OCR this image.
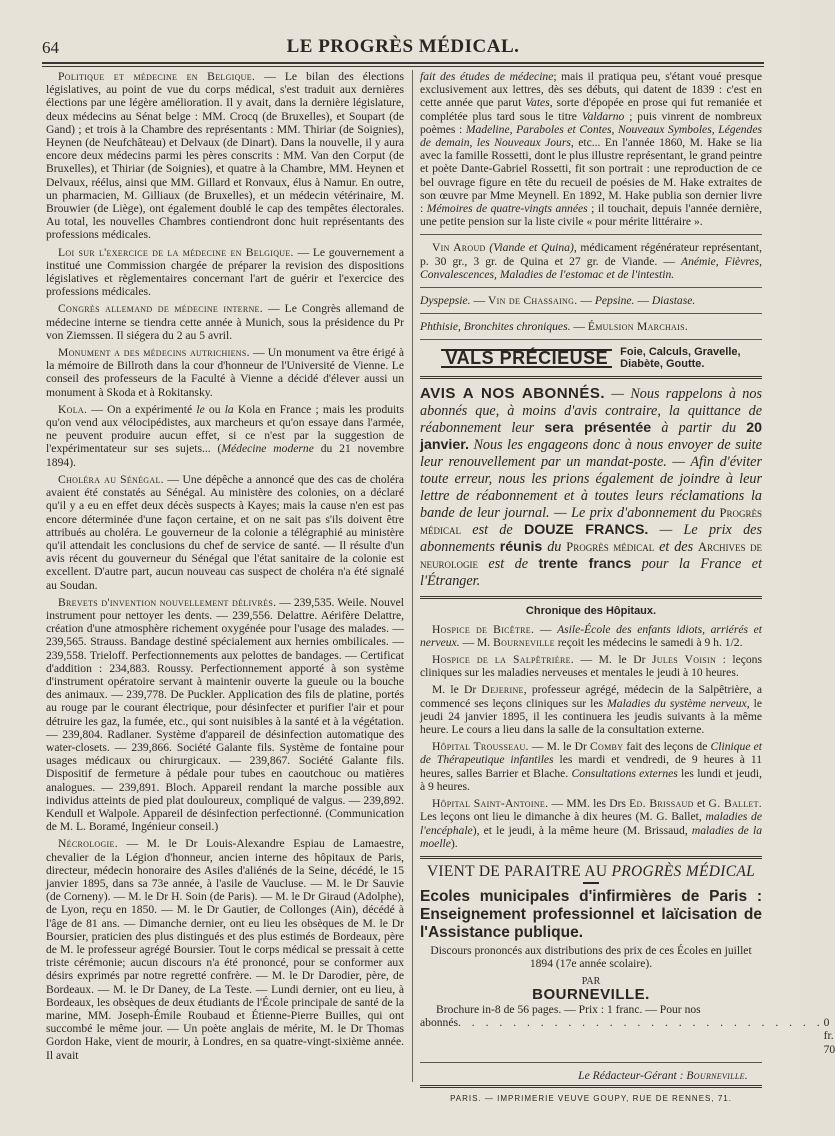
64	LE PROGRÈS MÉDICAL.

Politique et médecine en Belgique. — Le bilan des élections législatives, au point de vue du corps médical, s'est traduit aux dernières élections par une légère amélioration. Il y avait, dans la dernière législature, deux médecins au Sénat belge : MM. Crocq (de Bruxelles), et Soupart (de Gand) ; et trois à la Chambre des représentants : MM. Thiriar (de Soignies), Heynen (de Neufchâteau) et Delvaux (de Dinart). Dans la nouvelle, il y aura encore deux médecins parmi les pères conscrits : MM. Van den Corput (de Bruxelles), et Thiriar (de Soignies), et quatre à la Chambre, MM. Heynen et Delvaux, réélus, ainsi que MM. Gillard et Ronvaux, élus à Namur. En outre, un pharmacien, M. Gilliaux (de Bruxelles), et un médecin vétérinaire, M. Brouwier (de Liège), ont également doublé le cap des tempêtes électorales. Au total, les nouvelles Chambres contiendront donc huit représentants des professions médicales.

Loi sur l'exercice de la médecine en Belgique. — Le gouvernement a institué une Commission chargée de préparer la revision des dispositions législatives et règlementaires concernant l'art de guérir et l'exercice des professions médicales.

Congrès allemand de médecine interne. — Le Congrès allemand de médecine interne se tiendra cette année à Munich, sous la présidence du Pr von Ziemssen. Il siégera du 2 au 5 avril.

Monument a des médecins autrichiens. — Un monument va être érigé à la mémoire de Billroth dans la cour d'honneur de l'Université de Vienne. Le conseil des professeurs de la Faculté à Vienne a décidé d'élever aussi un monument à Skoda et à Rokitansky.

Kola. — On a expérimenté le ou la Kola en France ; mais les produits qu'on vend aux vélocipédistes, aux marcheurs et qu'on essaye dans l'armée, ne peuvent produire aucun effet, si ce n'est par la suggestion de l'expérimentateur sur ses sujets... (Médecine moderne du 21 novembre 1894).

Choléra au Sénégal. — Une dépêche a annoncé que des cas de choléra avaient été constatés au Sénégal. Au ministère des colonies, on a déclaré qu'il y a eu en effet deux décès suspects à Kayes; mais la cause n'en est pas encore déterminée d'une façon certaine, et on ne sait pas s'ils doivent être attribués au choléra. Le gouverneur de la colonie a télégraphié au ministère qu'il attendait les conclusions du chef de service de santé. — Il résulte d'un avis récent du gouverneur du Sénégal que l'état sanitaire de la colonie est excellent. D'autre part, aucun nouveau cas suspect de choléra n'a été signalé au Soudan.

Brevets d'invention nouvellement délivrés. — 239,535. Weile. Nouvel instrument pour nettoyer les dents. — 239,556. Delattre. Aérifère Delattre, création d'une atmosphère richement oxygénée pour l'usage des malades. — 239,565. Strauss. Bandage destiné spécialement aux hernies ombilicales. — 239,558. Trieloff. Perfectionnements aux pelottes de bandages. — Certificat d'addition : 234,883. Roussy. Perfectionnement apporté à son système d'instrument opératoire servant à maintenir ouverte la gueule ou la bouche des animaux. — 239,778. De Puckler. Application des fils de platine, portés au rouge par le courant électrique, pour désinfecter et purifier l'air et pour détruire les gaz, la fumée, etc., qui sont nuisibles à la santé et à la végétation. — 239,804. Radlaner. Système d'appareil de désinfection automatique des water-closets. — 239,866. Société Galante fils. Système de fontaine pour usages médicaux ou chirurgicaux. — 239,867. Société Galante fils. Dispositif de fermeture à pédale pour tubes en caoutchouc ou matières analogues. — 239,891. Bloch. Appareil rendant la marche possible aux individus atteints de pied plat douloureux, compliqué de valgus. — 239,892. Kendull et Walpole. Appareil de désinfection perfectionné. (Communication de M. L. Boramé, Ingénieur conseil.)

Nécrologie. — M. le Dr Louis-Alexandre Espiau de Lamaestre, chevalier de la Légion d'honneur, ancien interne des hôpitaux de Paris, directeur, médecin honoraire des Asiles d'aliénés de la Seine, décédé, le 15 janvier 1895, dans sa 73e année, à l'asile de Vaucluse. — M. le Dr Sauvie (de Corneny). — M. le Dr H. Soin (de Paris). — M. le Dr Giraud (Adolphe), de Lyon, reçu en 1850. — M. le Dr Gautier, de Collonges (Ain), décédé à l'âge de 81 ans. — Dimanche dernier, ont eu lieu les obsèques de M. le Dr Boursier, praticien des plus distingués et des plus estimés de Bordeaux, père de M. le professeur agrégé Boursier. Tout le corps médical se pressait à cette triste cérémonie; aucun discours n'a été prononcé, pour se conformer aux désirs exprimés par notre regretté confrère. — M. le Dr Darodier, père, de Bordeaux. — M. le Dr Daney, de La Teste. — Lundi dernier, ont eu lieu, à Bordeaux, les obsèques de deux étudiants de l'École principale de santé de la marine, MM. Joseph-Émile Roubaud et Étienne-Pierre Builles, qui ont succombé le même jour. — Un poète anglais de mérite, M. le Dr Thomas Gordon Hake, vient de mourir, à Londres, en sa quatre-vingt-sixième année. Il avait

fait des études de médecine; mais il pratiqua peu, s'étant voué presque exclusivement aux lettres, dès ses débuts, qui datent de 1839 : c'est en cette année que parut Vates, sorte d'épopée en prose qui fut remaniée et complétée plus tard sous le titre Valdarno ; puis vinrent de nombreux poèmes : Madeline, Paraboles et Contes, Nouveaux Symboles, Légendes de demain, les Nouveaux Jours, etc... En l'année 1860, M. Hake se lia avec la famille Rossetti, dont le plus illustre représentant, le grand peintre et poète Dante-Gabriel Rossetti, fit son portrait : une reproduction de ce bel ouvrage figure en tête du recueil de poésies de M. Hake extraites de son œuvre par Mme Meynell. En 1892, M. Hake publia son dernier livre : Mémoires de quatre-vingts années ; il touchait, depuis l'année dernière, une petite pension sur la liste civile « pour mérite littéraire ».

Vin Aroud (Viande et Quina), médicament régénérateur représentant, p. 30 gr., 3 gr. de Quina et 27 gr. de Viande. — Anémie, Fièvres, Convalescences, Maladies de l'estomac et de l'intestin.

Dyspepsie. — Vin de Chassaing. — Pepsine. — Diastase.

Phthisie, Bronchites chroniques. — Émulsion Marchais.

VALS PRÉCIEUSE	Foie, Calculs, Gravelle,
Diabète, Goutte.

AVIS A NOS ABONNÉS. — Nous rappelons à nos abonnés que, à moins d'avis contraire, la quittance de réabonnement leur sera présentée à partir du 20 janvier. Nous les engageons donc à nous envoyer de suite leur renouvellement par un mandat-poste. — Afin d'éviter toute erreur, nous les prions également de joindre à leur lettre de réabonnement et à toutes leurs réclamations la bande de leur journal. — Le prix d'abonnement du Progrès médical est de DOUZE FRANCS. — Le prix des abonnements réunis du Progrès médical et des Archives de neurologie est de trente francs pour la France et l'Étranger.

Chronique des Hôpitaux.

Hospice de Bicêtre. — Asile-École des enfants idiots, arriérés et nerveux. — M. Bourneville reçoit les médecins le samedi à 9 h. 1/2.

Hospice de la Salpêtrière. — M. le Dr Jules Voisin : leçons cliniques sur les maladies nerveuses et mentales le jeudi à 10 heures.

M. le Dr Dejerine, professeur agrégé, médecin de la Salpêtrière, a commencé ses leçons cliniques sur les Maladies du système nerveux, le jeudi 24 janvier 1895, il les continuera les jeudis suivants à la même heure. Le cours a lieu dans la salle de la consultation externe.

Hôpital Trousseau. — M. le Dr Comby fait des leçons de Clinique et de Thérapeutique infantiles les mardi et vendredi, de 9 heures à 11 heures, salles Barrier et Blache. Consultations externes les lundi et jeudi, à 9 heures.

Hôpital Saint-Antoine. — MM. les Drs Ed. Brissaud et G. Ballet. Les leçons ont lieu le dimanche à dix heures (M. G. Ballet, maladies de l'encéphale), et le jeudi, à la même heure (M. Brissaud, maladies de la moelle).

VIENT DE PARAITRE AU PROGRÈS MÉDICAL

Ecoles municipales d'infirmières de Paris : Enseignement professionnel et laïcisation de l'Assistance publique.

Discours prononcés aux distributions des prix de ces Écoles en juillet 1894 (17e année scolaire).

PAR

BOURNEVILLE.

Brochure in-8 de 56 pages. — Prix : 1 franc. — Pour nos

abonnés . . . . . . . . . . . . . . . . . . . . . . . . . . . 0 fr. 70

Le Rédacteur-Gérant : Bourneville.

PARIS. — IMPRIMERIE VEUVE GOUPY, RUE DE RENNES, 71.
